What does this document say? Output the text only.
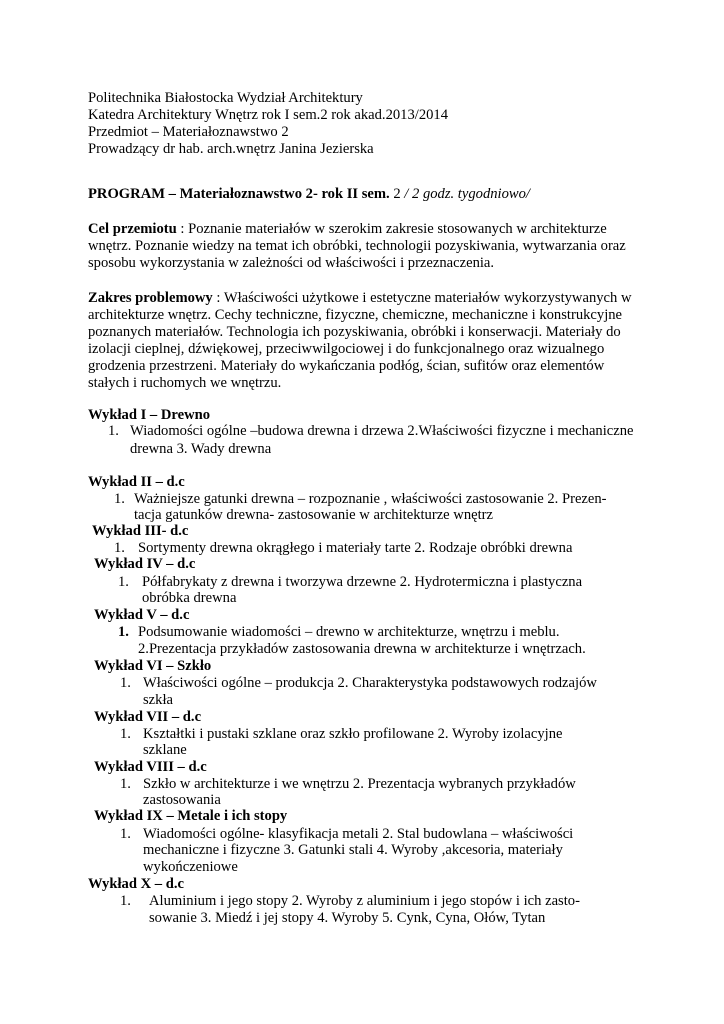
Politechnika Białostocka Wydział Architektury
Katedra Architektury Wnętrz rok I sem.2 rok akad.2013/2014
Przedmiot – Materiałoznawstwo 2
Prowadzący dr hab. arch.wnętrz Janina Jezierska
PROGRAM – Materiałoznawstwo 2- rok II sem. 2 / 2 godz. tygodniowo/
Cel przemiotu : Poznanie materiałów w szerokim zakresie stosowanych w architekturze
wnętrz. Poznanie wiedzy na temat ich obróbki, technologii pozyskiwania, wytwarzania oraz
sposobu wykorzystania w zależności od właściwości i przeznaczenia.
Zakres problemowy : Właściwości użytkowe i estetyczne materiałów wykorzystywanych w
architekturze wnętrz. Cechy techniczne, fizyczne, chemiczne, mechaniczne i konstrukcyjne
poznanych materiałów. Technologia ich pozyskiwania, obróbki i konserwacji. Materiały do
izolacji cieplnej, dźwiękowej, przeciwwilgociowej i do funkcjonalnego oraz wizualnego
grodzenia przestrzeni. Materiały do wykańczania podłóg, ścian, sufitów oraz elementów
stałych i ruchomych we wnętrzu.
Wykład I – Drewno
1. Wiadomości ogólne –budowa drewna i drzewa 2.Właściwości fizyczne i mechaniczne
drewna 3. Wady drewna
Wykład II – d.c
1. Ważniejsze gatunki drewna – rozpoznanie , właściwości zastosowanie 2. Prezen-
tacja gatunków drewna- zastosowanie w architekturze wnętrz
Wykład III- d.c
1. Sortymenty drewna okrągłego i materiały tarte 2. Rodzaje obróbki drewna
Wykład IV – d.c
1. Półfabrykaty z drewna i tworzywa drzewne 2. Hydrotermiczna i plastyczna
obróbka drewna
Wykład V – d.c
1. Podsumowanie wiadomości – drewno w architekturze, wnętrzu i meblu.
2.Prezentacja przykładów zastosowania drewna w architekturze i wnętrzach.
Wykład VI – Szkło
1. Właściwości ogólne – produkcja 2. Charakterystyka podstawowych rodzajów
szkła
Wykład VII – d.c
1. Kształtki i pustaki szklane oraz szkło profilowane 2. Wyroby izolacyjne
szklane
Wykład VIII – d.c
1. Szkło w architekturze i we wnętrzu 2. Prezentacja wybranych przykładów
zastosowania
Wykład IX – Metale i ich stopy
1. Wiadomości ogólne- klasyfikacja metali 2. Stal budowlana – właściwości
mechaniczne i fizyczne 3. Gatunki stali 4. Wyroby ,akcesoria, materiały
wykończeniowe
Wykład X – d.c
1. Aluminium i jego stopy 2. Wyroby z aluminium i jego stopów i ich zasto-
sowanie 3. Miedź i jej stopy 4. Wyroby 5. Cynk, Cyna, Ołów, Tytan
